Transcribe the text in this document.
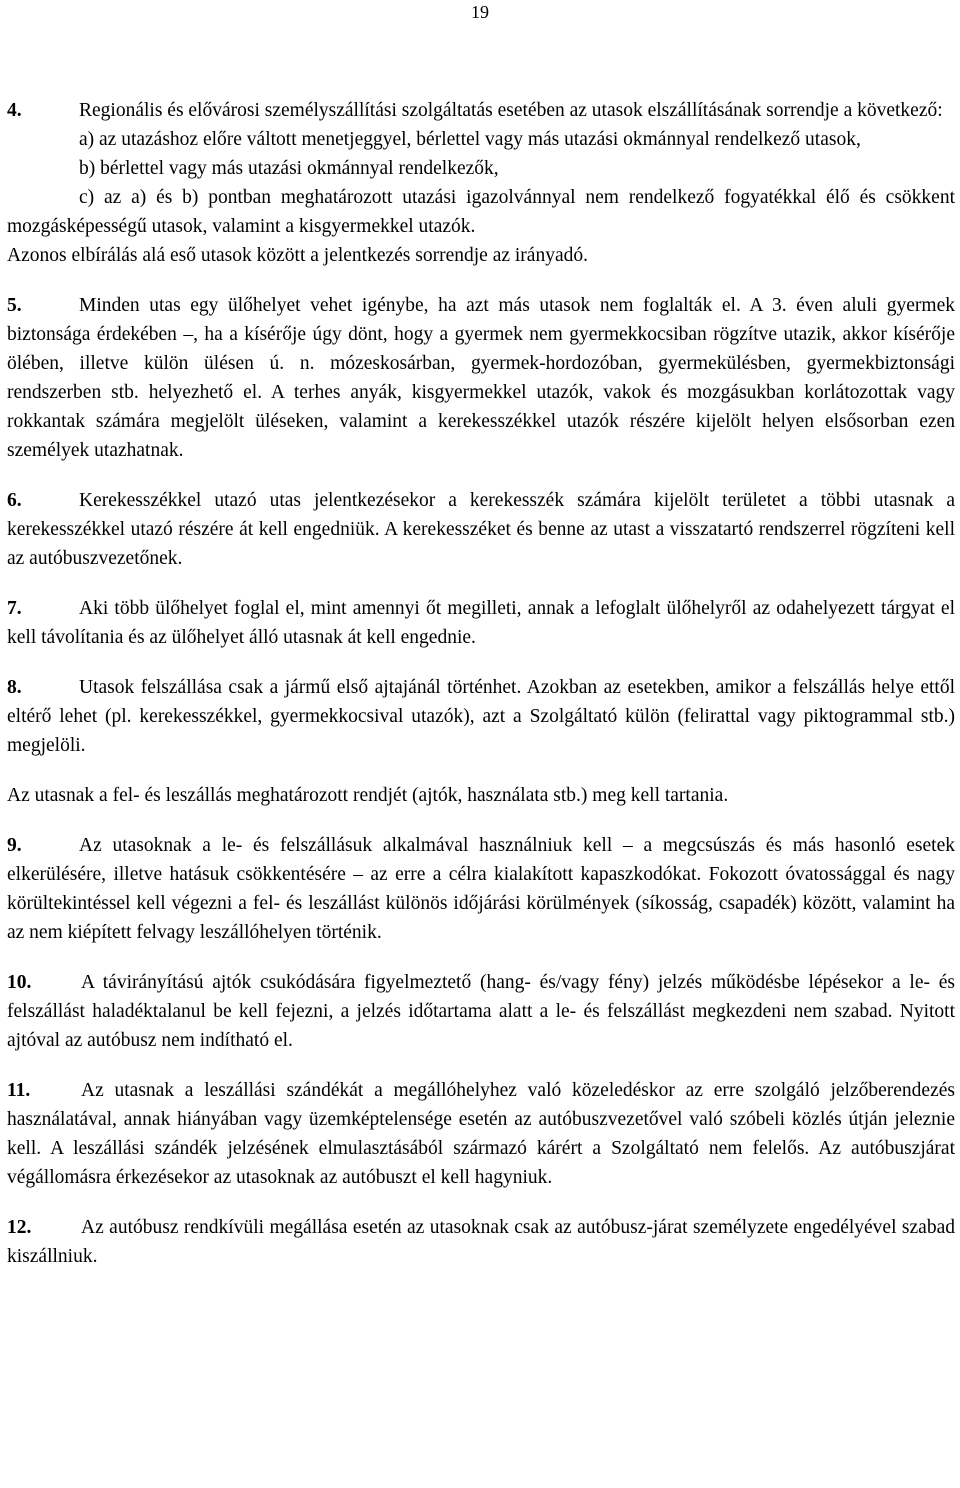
19

4.	Regionális és elővárosi személyszállítási szolgáltatás esetében az utasok elszállításának sorrendje a következő:

a) az utazáshoz előre váltott menetjeggyel, bérlettel vagy más utazási okmánnyal rendelkező utasok,

b) bérlettel vagy más utazási okmánnyal rendelkezők,

c) az a) és b) pontban meghatározott utazási igazolvánnyal nem rendelkező fogyatékkal élő és csökkent mozgásképességű utasok, valamint a kisgyermekkel utazók.

Azonos elbírálás alá eső utasok között a jelentkezés sorrendje az irányadó.

5.	Minden utas egy ülőhelyet vehet igénybe, ha azt más utasok nem foglalták el. A 3. éven aluli gyermek biztonsága érdekében –, ha a kísérője úgy dönt, hogy a gyermek nem gyermekkocsiban rögzítve utazik, akkor kísérője ölében, illetve külön ülésen ú. n. mózeskosárban, gyermek-hordozóban, gyermekülésben, gyermekbiztonsági rendszerben stb. helyezhető el. A terhes anyák, kisgyermekkel utazók, vakok és mozgásukban korlátozottak vagy rokkantak számára megjelölt üléseken, valamint a kerekesszékkel utazók részére kijelölt helyen elsősorban ezen személyek utazhatnak.

6.	Kerekesszékkel utazó utas jelentkezésekor a kerekesszék számára kijelölt területet a többi utasnak a kerekesszékkel utazó részére át kell engedniük. A kerekesszéket és benne az utast a visszatartó rendszerrel rögzíteni kell az autóbuszvezetőnek.

7.	Aki több ülőhelyet foglal el, mint amennyi őt megilleti, annak a lefoglalt ülőhelyről az odahelyezett tárgyat el kell távolítania és az ülőhelyet álló utasnak át kell engednie.

8.	Utasok felszállása csak a jármű első ajtajánál történhet. Azokban az esetekben, amikor a felszállás helye ettől eltérő lehet (pl. kerekesszékkel, gyermekkocsival utazók), azt a Szolgáltató külön (felirattal vagy piktogrammal stb.) megjelöli.

Az utasnak a fel- és leszállás meghatározott rendjét (ajtók, használata stb.) meg kell tartania.

9.	Az utasoknak a le- és felszállásuk alkalmával használniuk kell – a megcsúszás és más hasonló esetek elkerülésére, illetve hatásuk csökkentésére – az erre a célra kialakított kapaszkodókat. Fokozott óvatossággal és nagy körültekintéssel kell végezni a fel- és leszállást különös időjárási körülmények (síkosság, csapadék) között, valamint ha az nem kiépített felvagy leszállóhelyen történik.

10.	A távirányítású ajtók csukódására figyelmeztető (hang- és/vagy fény) jelzés működésbe lépésekor a le- és felszállást haladéktalanul be kell fejezni, a jelzés időtartama alatt a le- és felszállást megkezdeni nem szabad. Nyitott ajtóval az autóbusz nem indítható el.

11.	Az utasnak a leszállási szándékát a megállóhelyhez való közeledéskor az erre szolgáló jelzőberendezés használatával, annak hiányában vagy üzemképtelensége esetén az autóbuszvezetővel való szóbeli közlés útján jeleznie kell. A leszállási szándék jelzésének elmulasztásából származó kárért a Szolgáltató nem felelős. Az autóbuszjárat végállomásra érkezésekor az utasoknak az autóbuszt el kell hagyniuk.

12.	Az autóbusz rendkívüli megállása esetén az utasoknak csak az autóbusz-járat személyzete engedélyével szabad kiszállniuk.
